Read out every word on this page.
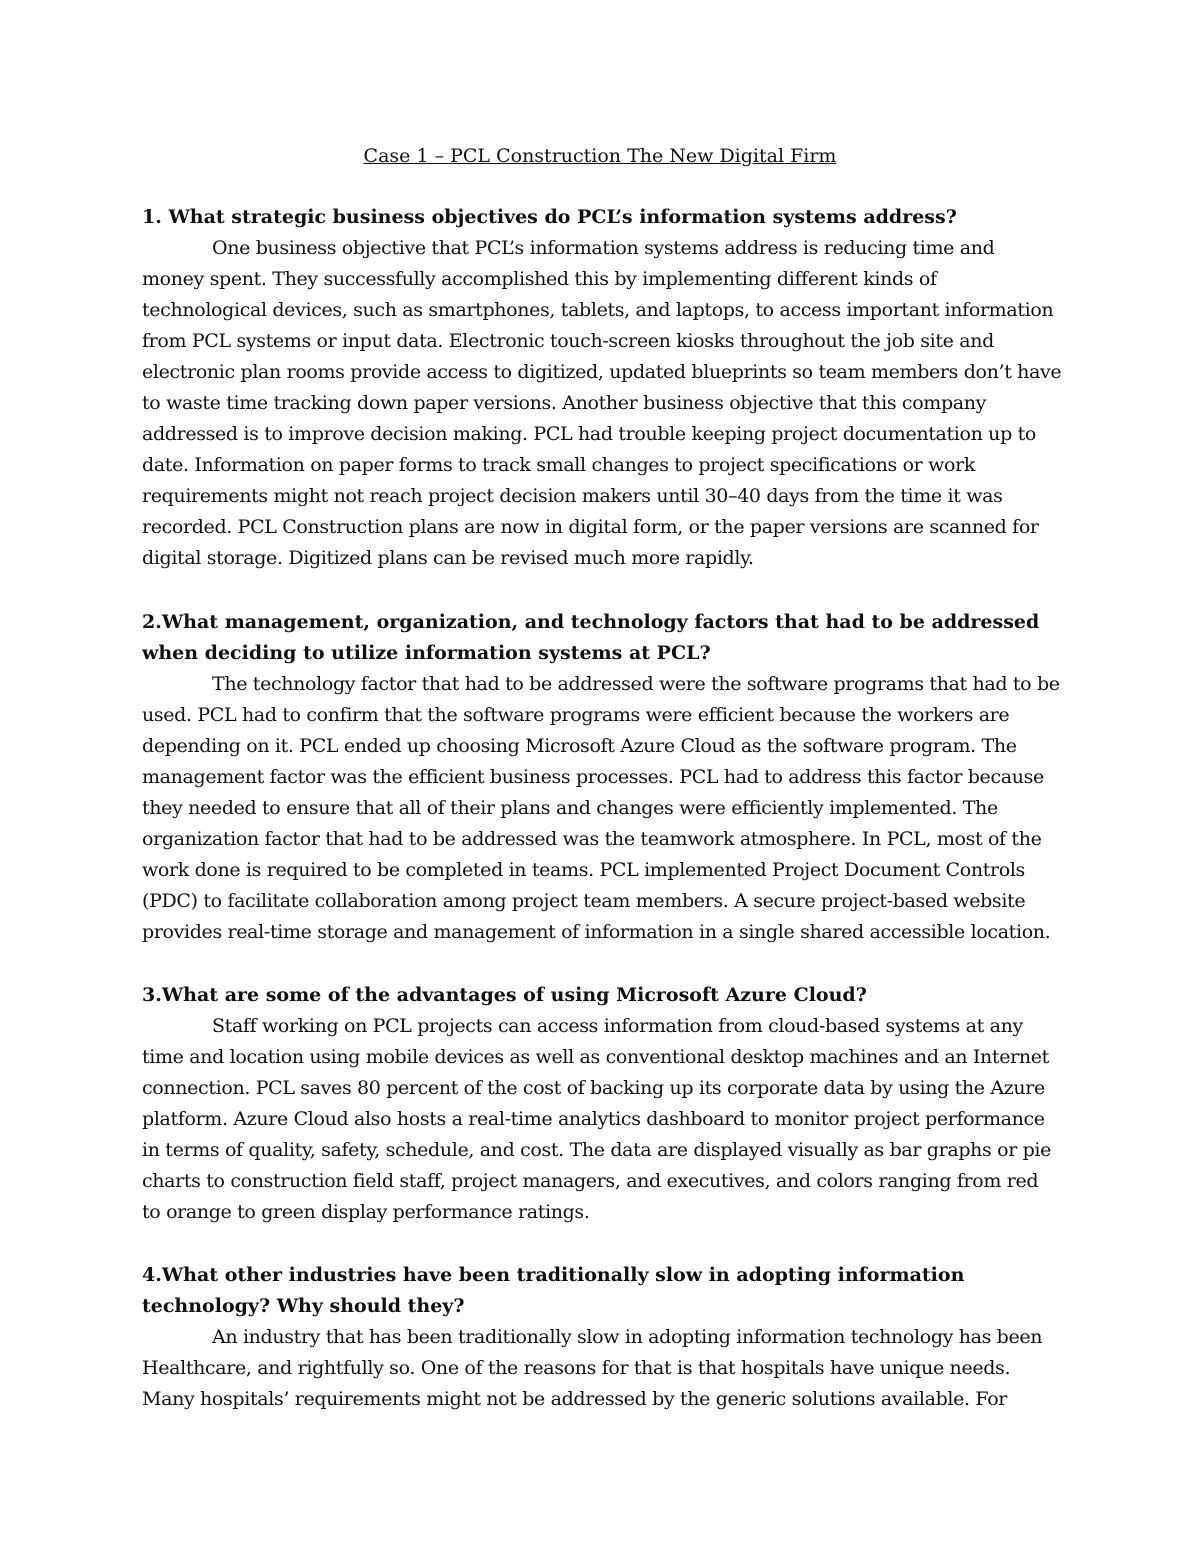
Case 1 – PCL Construction The New Digital Firm

1. What strategic business objectives do PCL’s information systems address?

One business objective that PCL’s information systems address is reducing time and money spent. They successfully accomplished this by implementing different kinds of technological devices, such as smartphones, tablets, and laptops, to access important information from PCL systems or input data. Electronic touch-screen kiosks throughout the job site and electronic plan rooms provide access to digitized, updated blueprints so team members don’t have to waste time tracking down paper versions. Another business objective that this company addressed is to improve decision making. PCL had trouble keeping project documentation up to date. Information on paper forms to track small changes to project specifications or work requirements might not reach project decision makers until 30–40 days from the time it was recorded. PCL Construction plans are now in digital form, or the paper versions are scanned for digital storage. Digitized plans can be revised much more rapidly.

2.What management, organization, and technology factors that had to be addressed when deciding to utilize information systems at PCL?

The technology factor that had to be addressed were the software programs that had to be used. PCL had to confirm that the software programs were efficient because the workers are depending on it. PCL ended up choosing Microsoft Azure Cloud as the software program. The management factor was the efficient business processes. PCL had to address this factor because they needed to ensure that all of their plans and changes were efficiently implemented. The organization factor that had to be addressed was the teamwork atmosphere. In PCL, most of the work done is required to be completed in teams. PCL implemented Project Document Controls (PDC) to facilitate collaboration among project team members. A secure project-based website provides real-time storage and management of information in a single shared accessible location.

3.What are some of the advantages of using Microsoft Azure Cloud?

Staff working on PCL projects can access information from cloud-based systems at any time and location using mobile devices as well as conventional desktop machines and an Internet connection. PCL saves 80 percent of the cost of backing up its corporate data by using the Azure platform. Azure Cloud also hosts a real-time analytics dashboard to monitor project performance in terms of quality, safety, schedule, and cost. The data are displayed visually as bar graphs or pie charts to construction field staff, project managers, and executives, and colors ranging from red to orange to green display performance ratings.

4.What other industries have been traditionally slow in adopting information technology? Why should they?

An industry that has been traditionally slow in adopting information technology has been Healthcare, and rightfully so. One of the reasons for that is that hospitals have unique needs. Many hospitals’ requirements might not be addressed by the generic solutions available. For
